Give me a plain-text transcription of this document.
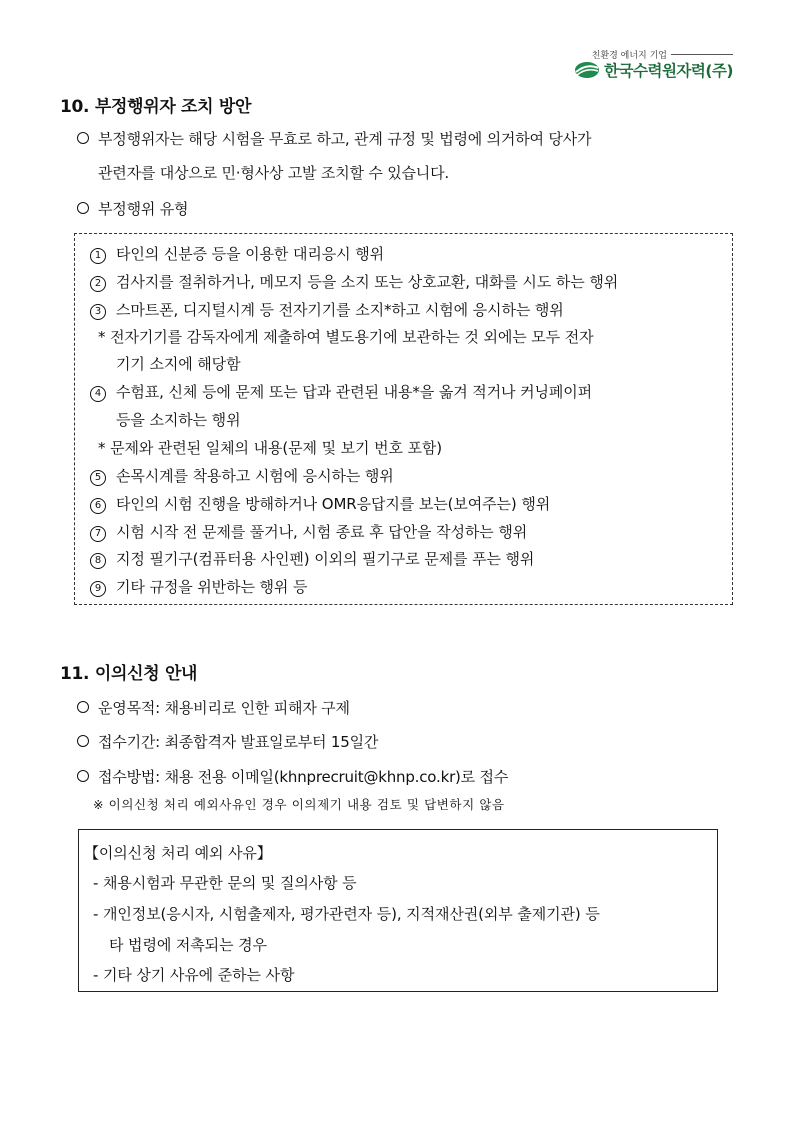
친환경 에너지 기업
한국수력원자력(주)
10. 부정행위자 조치 방안
부정행위자는 해당 시험을 무효로 하고, 관계 규정 및 법령에 의거하여 당사가
관련자를 대상으로 민·형사상 고발 조치할 수 있습니다.
부정행위 유형
1 타인의 신분증 등을 이용한 대리응시 행위
2 검사지를 절취하거나, 메모지 등을 소지 또는 상호교환, 대화를 시도 하는 행위
3 스마트폰, 디지털시계 등 전자기기를 소지*하고 시험에 응시하는 행위
* 전자기기를 감독자에게 제출하여 별도용기에 보관하는 것 외에는 모두 전자
기기 소지에 해당함
4 수험표, 신체 등에 문제 또는 답과 관련된 내용*을 옮겨 적거나 커닝페이퍼
등을 소지하는 행위
* 문제와 관련된 일체의 내용(문제 및 보기 번호 포함)
5 손목시계를 착용하고 시험에 응시하는 행위
6 타인의 시험 진행을 방해하거나 OMR응답지를 보는(보여주는) 행위
7 시험 시작 전 문제를 풀거나, 시험 종료 후 답안을 작성하는 행위
8 지정 필기구(컴퓨터용 사인펜) 이외의 필기구로 문제를 푸는 행위
9 기타 규정을 위반하는 행위 등
11. 이의신청 안내
운영목적: 채용비리로 인한 피해자 구제
접수기간: 최종합격자 발표일로부터 15일간
접수방법: 채용 전용 이메일(khnprecruit@khnp.co.kr)로 접수
※ 이의신청 처리 예외사유인 경우 이의제기 내용 검토 및 답변하지 않음
【이의신청 처리 예외 사유】
- 채용시험과 무관한 문의 및 질의사항 등
- 개인정보(응시자, 시험출제자, 평가관련자 등), 지적재산권(외부 출제기관) 등
타 법령에 저촉되는 경우
- 기타 상기 사유에 준하는 사항
